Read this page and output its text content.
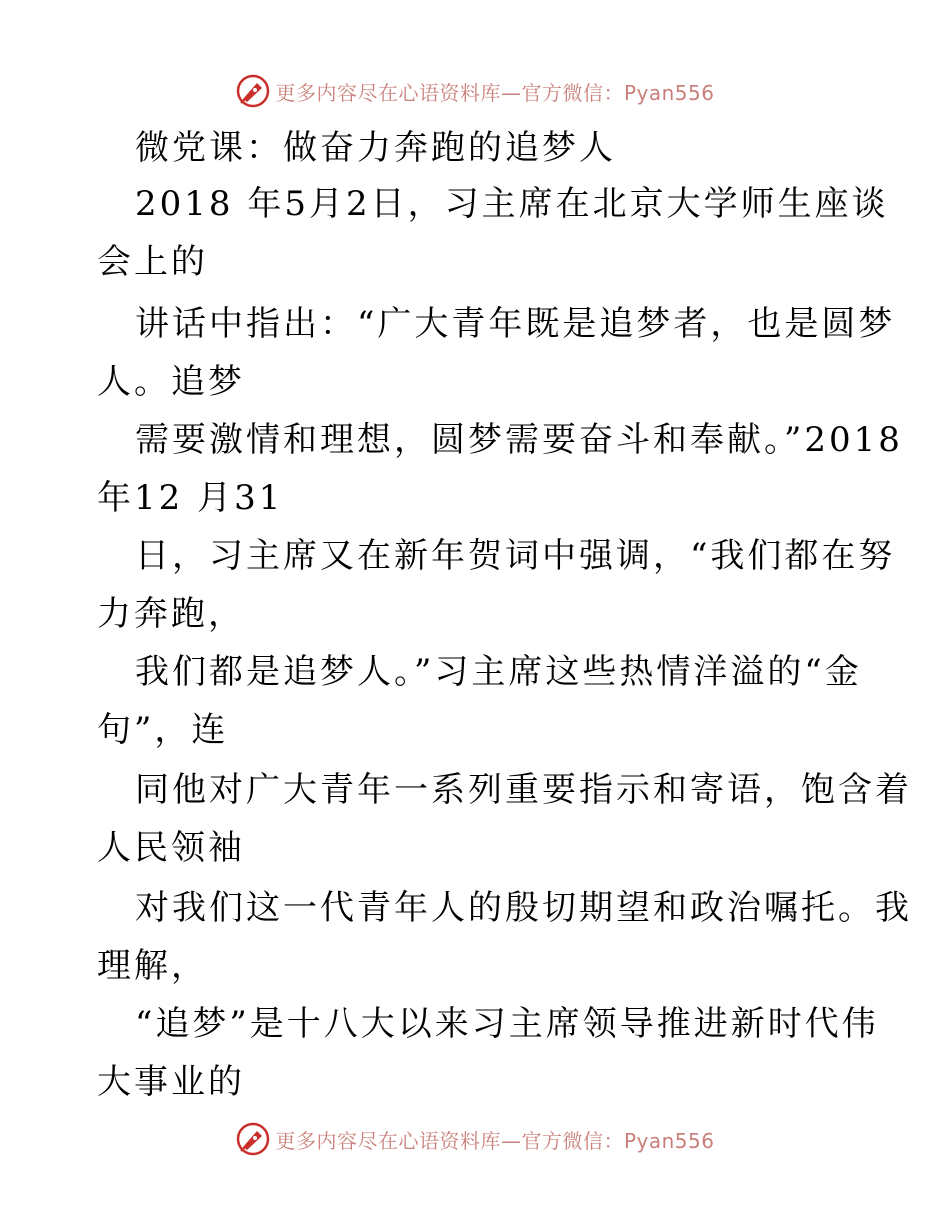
更多内容尽在心语资料库—官方微信：Pyan556
微党课：做奋力奔跑的追梦人
2018 年5月2日，习主席在北京大学师生座谈
会上的
讲话中指出：“广大青年既是追梦者，也是圆梦
人。追梦
需要激情和理想，圆梦需要奋斗和奉献。”2018
年12 月31
日，习主席又在新年贺词中强调，“我们都在努
力奔跑，
我们都是追梦人。”习主席这些热情洋溢的“金
句”，连
同他对广大青年一系列重要指示和寄语，饱含着
人民领袖
对我们这一代青年人的殷切期望和政治嘱托。我
理解，
“追梦”是十八大以来习主席领导推进新时代伟
大事业的
更多内容尽在心语资料库—官方微信：Pyan556
